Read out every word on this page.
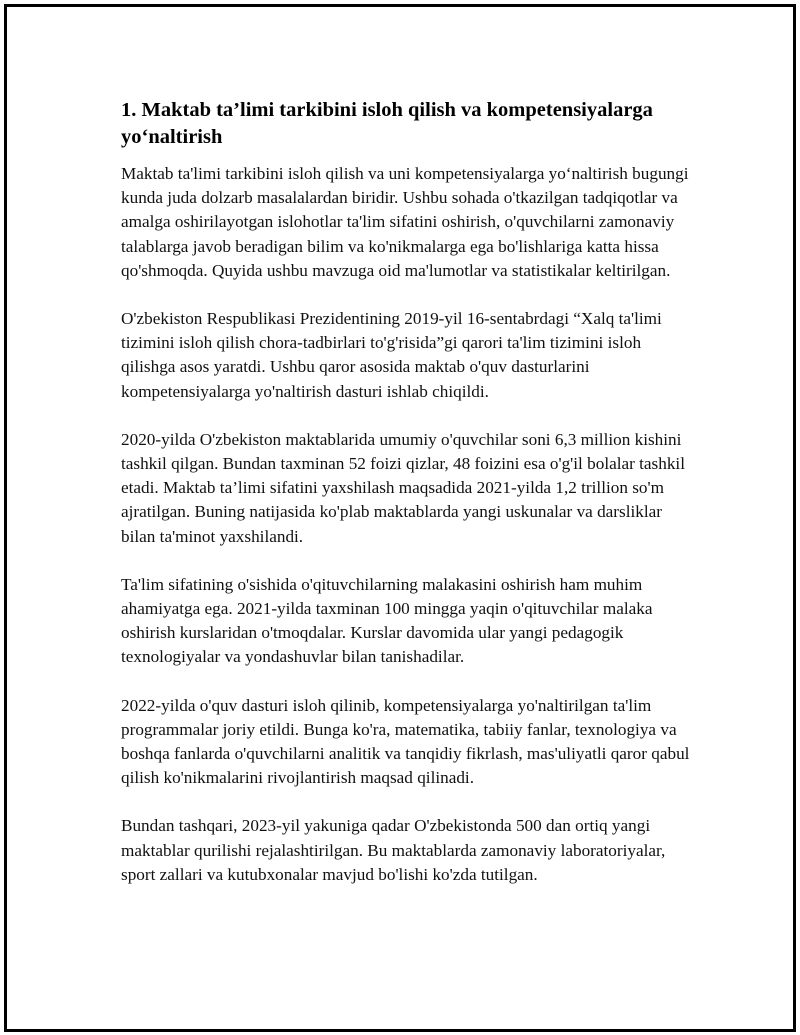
1. Maktab ta’limi tarkibini isloh qilish va kompetensiyalarga yo‘naltirish

Maktab ta'limi tarkibini isloh qilish va uni kompetensiyalarga yo‘naltirish bugungi kunda juda dolzarb masalalardan biridir. Ushbu sohada o'tkazilgan tadqiqotlar va amalga oshirilayotgan islohotlar ta'lim sifatini oshirish, o'quvchilarni zamonaviy talablarga javob beradigan bilim va ko'nikmalarga ega bo'lishlariga katta hissa qo'shmoqda. Quyida ushbu mavzuga oid ma'lumotlar va statistikalar keltirilgan.

O'zbekiston Respublikasi Prezidentining 2019-yil 16-sentabrdagi “Xalq ta'limi tizimini isloh qilish chora-tadbirlari to'g'risida”gi qarori ta'lim tizimini isloh qilishga asos yaratdi. Ushbu qaror asosida maktab o'quv dasturlarini kompetensiyalarga yo'naltirish dasturi ishlab chiqildi.

2020-yilda O'zbekiston maktablarida umumiy o'quvchilar soni 6,3 million kishini tashkil qilgan. Bundan taxminan 52 foizi qizlar, 48 foizini esa o'g'il bolalar tashkil etadi. Maktab ta’limi sifatini yaxshilash maqsadida 2021-yilda 1,2 trillion so'm ajratilgan. Buning natijasida ko'plab maktablarda yangi uskunalar va darsliklar bilan ta'minot yaxshilandi.

Ta'lim sifatining o'sishida o'qituvchilarning malakasini oshirish ham muhim ahamiyatga ega. 2021-yilda taxminan 100 mingga yaqin o'qituvchilar malaka oshirish kurslaridan o'tmoqdalar. Kurslar davomida ular yangi pedagogik texnologiyalar va yondashuvlar bilan tanishadilar.

2022-yilda o'quv dasturi isloh qilinib, kompetensiyalarga yo'naltirilgan ta'lim programmalar joriy etildi. Bunga ko'ra, matematika, tabiiy fanlar, texnologiya va boshqa fanlarda o'quvchilarni analitik va tanqidiy fikrlash, mas'uliyatli qaror qabul qilish ko'nikmalarini rivojlantirish maqsad qilinadi.

Bundan tashqari, 2023-yil yakuniga qadar O'zbekistonda 500 dan ortiq yangi maktablar qurilishi rejalashtirilgan. Bu maktablarda zamonaviy laboratoriyalar, sport zallari va kutubxonalar mavjud bo'lishi ko'zda tutilgan.
